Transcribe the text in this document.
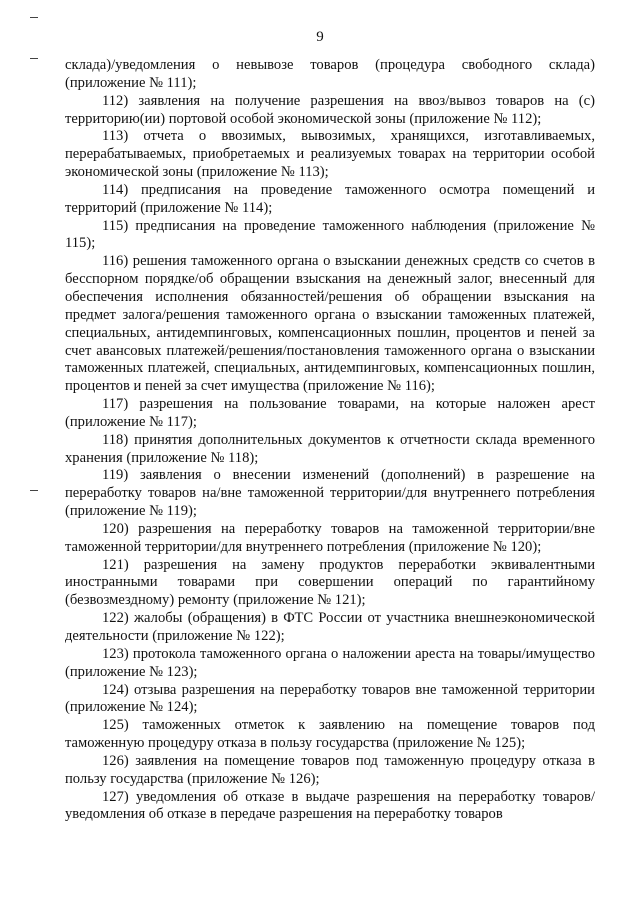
9

склада)/уведомления о невывозе товаров (процедура свободного склада) (приложение № 111);

112) заявления на получение разрешения на ввоз/вывоз товаров на (с) территорию(ии) портовой особой экономической зоны (приложение № 112);

113) отчета о ввозимых, вывозимых, хранящихся, изготавливаемых, перерабатываемых, приобретаемых и реализуемых товарах на территории особой экономической зоны (приложение № 113);

114) предписания на проведение таможенного осмотра помещений и территорий (приложение № 114);

115) предписания на проведение таможенного наблюдения (приложение № 115);

116) решения таможенного органа о взыскании денежных средств со счетов в бесспорном порядке/об обращении взыскания на денежный залог, внесенный для обеспечения исполнения обязанностей/решения об обращении взыскания на предмет залога/решения таможенного органа о взыскании таможенных платежей, специальных, антидемпинговых, компенсационных пошлин, процентов и пеней за счет авансовых платежей/решения/постановления таможенного органа о взыскании таможенных платежей, специальных, антидемпинговых, компенсационных пошлин, процентов и пеней за счет имущества (приложение № 116);

117) разрешения на пользование товарами, на которые наложен арест (приложение № 117);

118) принятия дополнительных документов к отчетности склада временного хранения (приложение № 118);

119) заявления о внесении изменений (дополнений) в разрешение на переработку товаров на/вне таможенной территории/для внутреннего потребления (приложение № 119);

120) разрешения на переработку товаров на таможенной территории/вне таможенной территории/для внутреннего потребления (приложение № 120);

121) разрешения на замену продуктов переработки эквивалентными иностранными товарами при совершении операций по гарантийному (безвозмездному) ремонту (приложение № 121);

122) жалобы (обращения) в ФТС России от участника внешнеэкономической деятельности (приложение № 122);

123) протокола таможенного органа о наложении ареста на товары/имущество (приложение № 123);

124) отзыва разрешения на переработку товаров вне таможенной территории (приложение № 124);

125) таможенных отметок к заявлению на помещение товаров под таможенную процедуру отказа в пользу государства (приложение № 125);

126) заявления на помещение товаров под таможенную процедуру отказа в пользу государства (приложение № 126);

127) уведомления об отказе в выдаче разрешения на переработку товаров/уведомления об отказе в передаче разрешения на переработку товаров
